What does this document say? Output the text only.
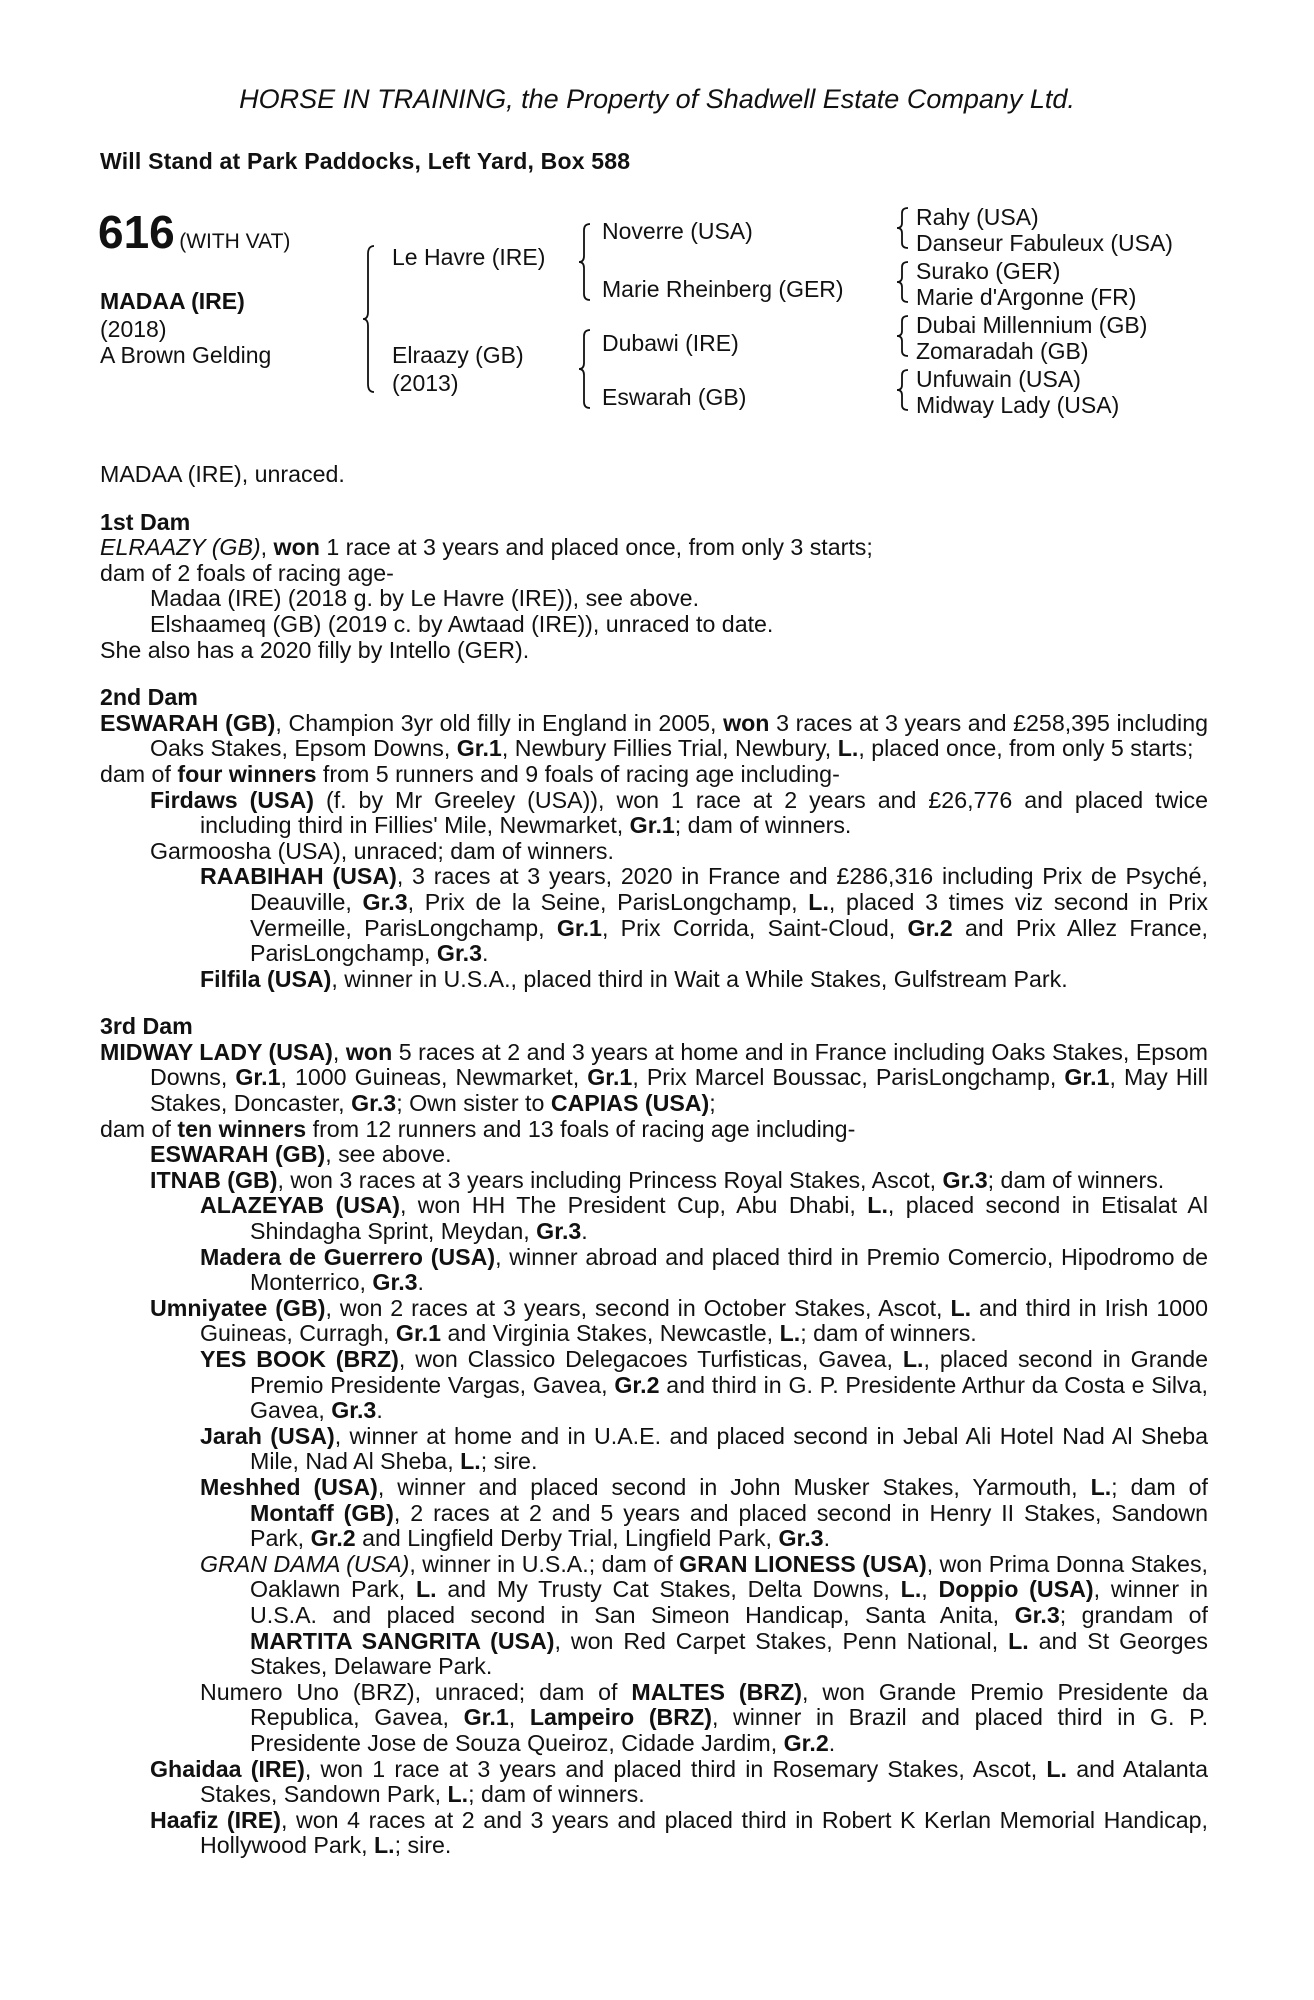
HORSE IN TRAINING, the Property of Shadwell Estate Company Ltd.
Will Stand at Park Paddocks, Left Yard, Box 588
616 (WITH VAT)
MADAA (IRE)
(2018)
A Brown Gelding
Le Havre (IRE)
Elraazy (GB)
(2013)
Noverre (USA)
Marie Rheinberg (GER)
Dubawi (IRE)
Eswarah (GB)
Rahy (USA)
Danseur Fabuleux (USA)
Surako (GER)
Marie d'Argonne (FR)
Dubai Millennium (GB)
Zomaradah (GB)
Unfuwain (USA)
Midway Lady (USA)

MADAA (IRE), unraced.

1st Dam

ELRAAZY (GB), won 1 race at 3 years and placed once, from only 3 starts;

dam of 2 foals of racing age-

Madaa (IRE) (2018 g. by Le Havre (IRE)), see above.

Elshaameq (GB) (2019 c. by Awtaad (IRE)), unraced to date.

She also has a 2020 filly by Intello (GER).

2nd Dam

ESWARAH (GB), Champion 3yr old filly in England in 2005, won 3 races at 3 years and £258,395 including Oaks Stakes, Epsom Downs, Gr.1, Newbury Fillies Trial, Newbury, L., placed once, from only 5 starts;

dam of four winners from 5 runners and 9 foals of racing age including-

Firdaws (USA) (f. by Mr Greeley (USA)), won 1 race at 2 years and £26,776 and placed twice including third in Fillies' Mile, Newmarket, Gr.1; dam of winners.

Garmoosha (USA), unraced; dam of winners.

RAABIHAH (USA), 3 races at 3 years, 2020 in France and £286,316 including Prix de Psyché, Deauville, Gr.3, Prix de la Seine, ParisLongchamp, L., placed 3 times viz second in Prix Vermeille, ParisLongchamp, Gr.1, Prix Corrida, Saint-Cloud, Gr.2 and Prix Allez France, ParisLongchamp, Gr.3.

Filfila (USA), winner in U.S.A., placed third in Wait a While Stakes, Gulfstream Park.

3rd Dam

MIDWAY LADY (USA), won 5 races at 2 and 3 years at home and in France including Oaks Stakes, Epsom Downs, Gr.1, 1000 Guineas, Newmarket, Gr.1, Prix Marcel Boussac, ParisLongchamp, Gr.1, May Hill Stakes, Doncaster, Gr.3; Own sister to CAPIAS (USA);

dam of ten winners from 12 runners and 13 foals of racing age including-

ESWARAH (GB), see above.

ITNAB (GB), won 3 races at 3 years including Princess Royal Stakes, Ascot, Gr.3; dam of winners.

ALAZEYAB (USA), won HH The President Cup, Abu Dhabi, L., placed second in Etisalat Al Shindagha Sprint, Meydan, Gr.3.

Madera de Guerrero (USA), winner abroad and placed third in Premio Comercio, Hipodromo de Monterrico, Gr.3.

Umniyatee (GB), won 2 races at 3 years, second in October Stakes, Ascot, L. and third in Irish 1000 Guineas, Curragh, Gr.1 and Virginia Stakes, Newcastle, L.; dam of winners.

YES BOOK (BRZ), won Classico Delegacoes Turfisticas, Gavea, L., placed second in Grande Premio Presidente Vargas, Gavea, Gr.2 and third in G. P. Presidente Arthur da Costa e Silva, Gavea, Gr.3.

Jarah (USA), winner at home and in U.A.E. and placed second in Jebal Ali Hotel Nad Al Sheba Mile, Nad Al Sheba, L.; sire.

Meshhed (USA), winner and placed second in John Musker Stakes, Yarmouth, L.; dam of Montaff (GB), 2 races at 2 and 5 years and placed second in Henry II Stakes, Sandown Park, Gr.2 and Lingfield Derby Trial, Lingfield Park, Gr.3.

GRAN DAMA (USA), winner in U.S.A.; dam of GRAN LIONESS (USA), won Prima Donna Stakes, Oaklawn Park, L. and My Trusty Cat Stakes, Delta Downs, L., Doppio (USA), winner in U.S.A. and placed second in San Simeon Handicap, Santa Anita, Gr.3; grandam of MARTITA SANGRITA (USA), won Red Carpet Stakes, Penn National, L. and St Georges Stakes, Delaware Park.

Numero Uno (BRZ), unraced; dam of MALTES (BRZ), won Grande Premio Presidente da Republica, Gavea, Gr.1, Lampeiro (BRZ), winner in Brazil and placed third in G. P. Presidente Jose de Souza Queiroz, Cidade Jardim, Gr.2.

Ghaidaa (IRE), won 1 race at 3 years and placed third in Rosemary Stakes, Ascot, L. and Atalanta Stakes, Sandown Park, L.; dam of winners.

Haafiz (IRE), won 4 races at 2 and 3 years and placed third in Robert K Kerlan Memorial Handicap, Hollywood Park, L.; sire.
